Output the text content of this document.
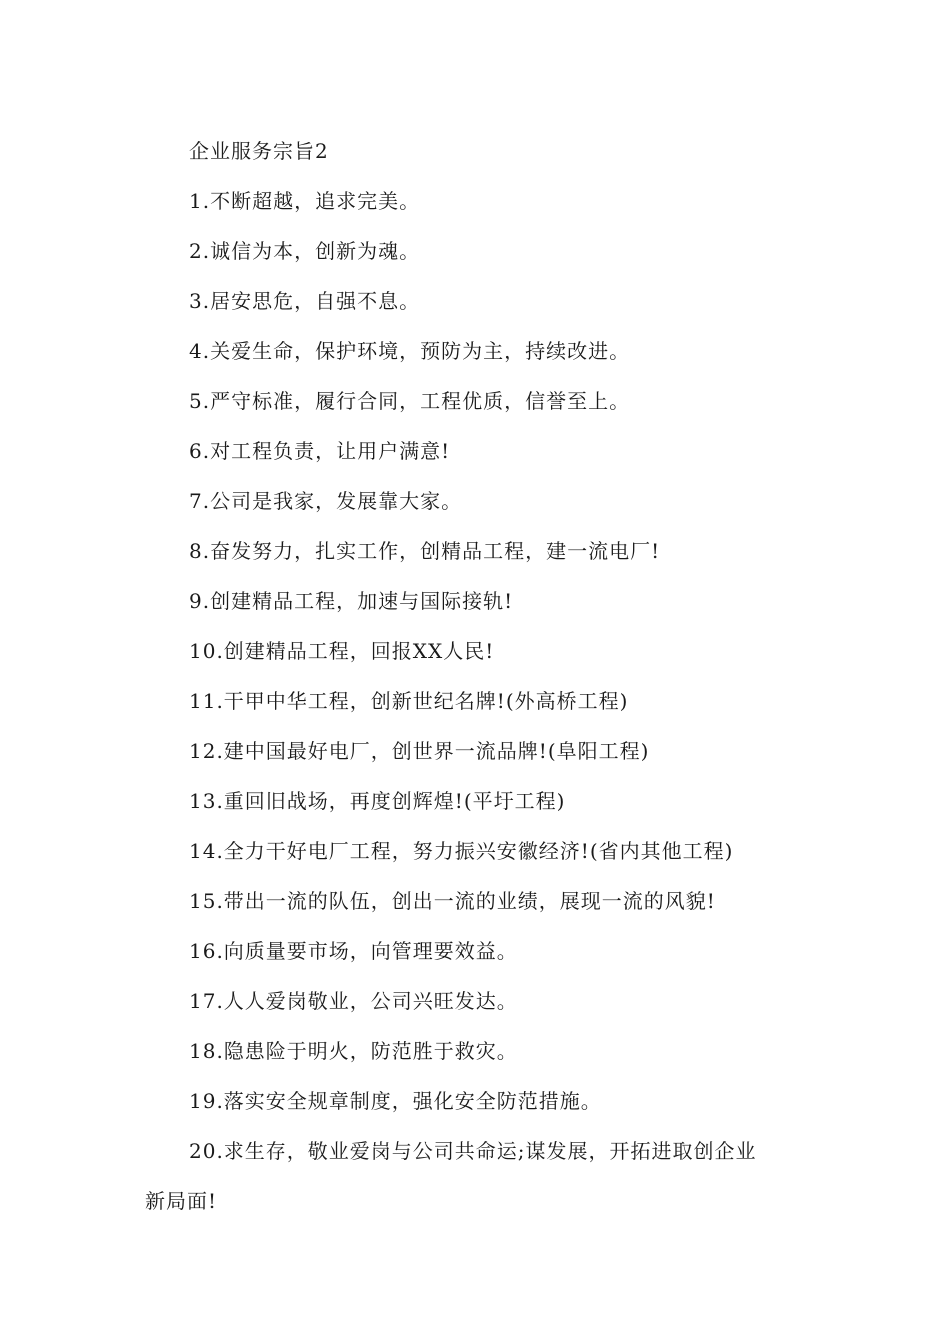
企业服务宗旨2
1.不断超越，追求完美。
2.诚信为本，创新为魂。
3.居安思危，自强不息。
4.关爱生命，保护环境，预防为主，持续改进。
5.严守标准，履行合同，工程优质，信誉至上。
6.对工程负责，让用户满意!
7.公司是我家，发展靠大家。
8.奋发努力，扎实工作，创精品工程，建一流电厂!
9.创建精品工程，加速与国际接轨!
10.创建精品工程，回报XX人民!
11.干甲中华工程，创新世纪名牌!(外高桥工程)
12.建中国最好电厂，创世界一流品牌!(阜阳工程)
13.重回旧战场，再度创辉煌!(平圩工程)
14.全力干好电厂工程，努力振兴安徽经济!(省内其他工程)
15.带出一流的队伍，创出一流的业绩，展现一流的风貌!
16.向质量要市场，向管理要效益。
17.人人爱岗敬业，公司兴旺发达。
18.隐患险于明火，防范胜于救灾。
19.落实安全规章制度，强化安全防范措施。
20.求生存，敬业爱岗与公司共命运;谋发展，开拓进取创企业
新局面!
